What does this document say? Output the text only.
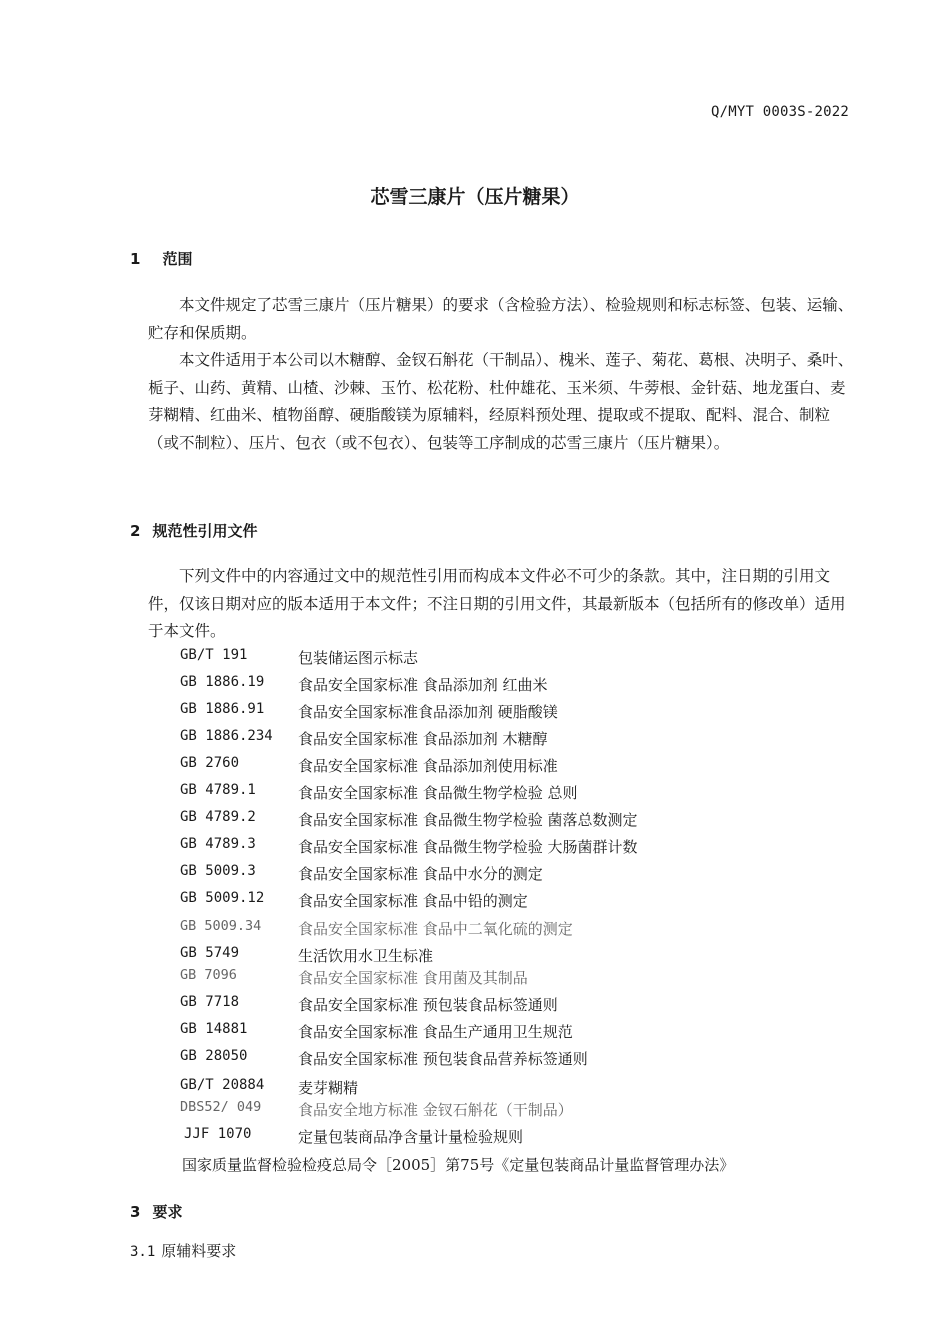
Q/MYT 0003S-2022
芯雪三康片（压片糖果）
1 范围

本文件规定了芯雪三康片（压片糖果）的要求（含检验方法）、检验规则和标志标签、包装、运输、贮存和保质期。

本文件适用于本公司以木糖醇、金钗石斛花（干制品）、槐米、莲子、菊花、葛根、决明子、桑叶、栀子、山药、黄精、山楂、沙棘、玉竹、松花粉、杜仲雄花、玉米须、牛蒡根、金针菇、地龙蛋白、麦芽糊精、红曲米、植物甾醇、硬脂酸镁为原辅料，经原料预处理、提取或不提取、配料、混合、制粒（或不制粒）、压片、包衣（或不包衣）、包装等工序制成的芯雪三康片（压片糖果）。

2 规范性引用文件

下列文件中的内容通过文中的规范性引用而构成本文件必不可少的条款。其中，注日期的引用文件，仅该日期对应的版本适用于本文件；不注日期的引用文件，其最新版本（包括所有的修改单）适用于本文件。

GB/T 191	包装储运图示标志
GB 1886.19 食品安全国家标准 食品添加剂 红曲米
GB 1886.91 食品安全国家标准食品添加剂 硬脂酸镁
GB 1886.234 食品安全国家标准 食品添加剂 木糖醇
GB 2760	食品安全国家标准 食品添加剂使用标准
GB 4789.1	食品安全国家标准 食品微生物学检验 总则
GB 4789.2	食品安全国家标准 食品微生物学检验 菌落总数测定
GB 4789.3	食品安全国家标准 食品微生物学检验 大肠菌群计数
GB 5009.3	食品安全国家标准 食品中水分的测定
GB 5009.12 食品安全国家标准 食品中铅的测定
GB 5009.34 食品安全国家标准 食品中二氧化硫的测定
GB 5749	生活饮用水卫生标准
GB 7096	食品安全国家标准 食用菌及其制品
GB 7718	食品安全国家标准 预包装食品标签通则
GB 14881	食品安全国家标准 食品生产通用卫生规范
GB 28050	食品安全国家标准 预包装食品营养标签通则
GB/T 20884 麦芽糊精
DBS52/ 049 食品安全地方标准 金钗石斛花（干制品）
JJF 1070	定量包装商品净含量计量检验规则
国家质量监督检验检疫总局令［2005］第75号《定量包装商品计量监督管理办法》
3 要求
3.1 原辅料要求
